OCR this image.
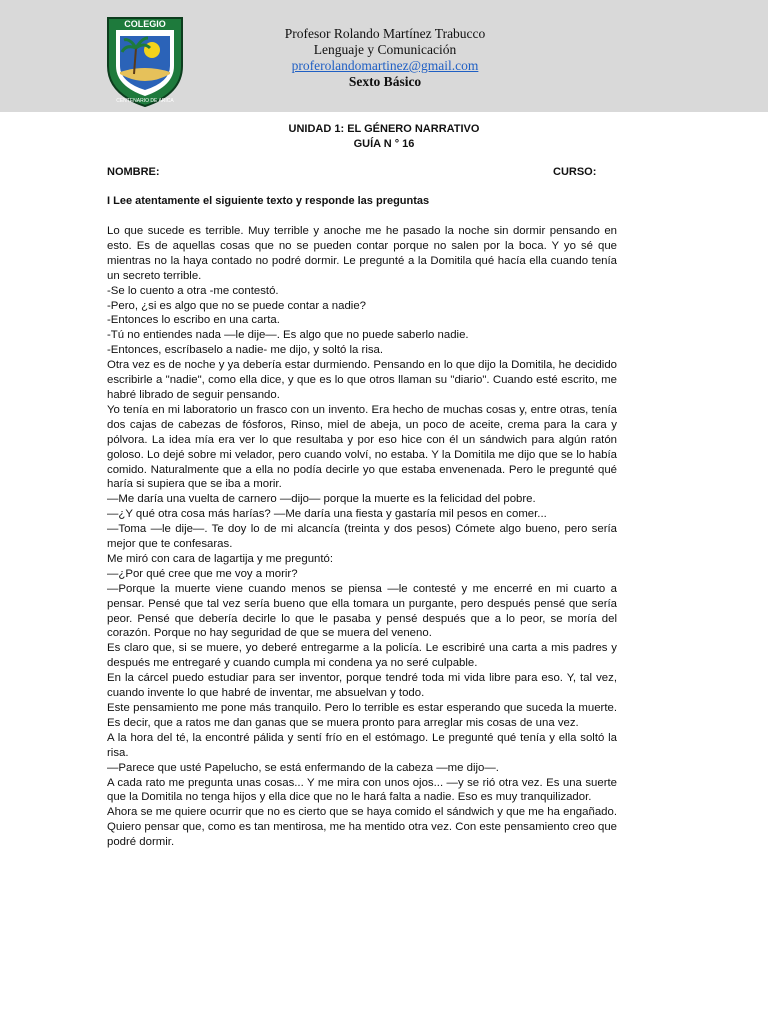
COLEGIO
CENTENARIO DE ARICA
Profesor Rolando Martínez Trabucco
Lenguaje y Comunicación
proferolandomartinez@gmail.com
Sexto Básico
UNIDAD 1: EL GÉNERO NARRATIVO
GUÍA N ° 16
NOMBRE:	CURSO:
I Lee atentamente el siguiente texto y responde las preguntas

Lo que sucede es terrible. Muy terrible y anoche me he pasado la noche sin dormir pensando en esto. Es de aquellas cosas que no se pueden contar porque no salen por la boca. Y yo sé que mientras no la haya contado no podré dormir. Le pregunté a la Domitila qué hacía ella cuando tenía un secreto terrible.

-Se lo cuento a otra -me contestó.

-Pero, ¿si es algo que no se puede contar a nadie?

-Entonces lo escribo en una carta.

-Tú no entiendes nada —le dije—. Es algo que no puede saberlo nadie.

-Entonces, escríbaselo a nadie- me dijo, y soltó la risa.

Otra vez es de noche y ya debería estar durmiendo. Pensando en lo que dijo la Domitila, he decidido escribirle a "nadie", como ella dice, y que es lo que otros llaman su "diario". Cuando esté escrito, me habré librado de seguir pensando.

Yo tenía en mi laboratorio un frasco con un invento. Era hecho de muchas cosas y, entre otras, tenía dos cajas de cabezas de fósforos, Rinso, miel de abeja, un poco de aceite, crema para la cara y pólvora. La idea mía era ver lo que resultaba y por eso hice con él un sándwich para algún ratón goloso. Lo dejé sobre mi velador, pero cuando volví, no estaba. Y la Domitila me dijo que se lo había comido. Naturalmente que a ella no podía decirle yo que estaba envenenada. Pero le pregunté qué haría si supiera que se iba a morir.

—Me daría una vuelta de carnero —dijo— porque la muerte es la felicidad del pobre.

—¿Y qué otra cosa más harías? —Me daría una fiesta y gastaría mil pesos en comer...

—Toma —le dije—. Te doy lo de mi alcancía (treinta y dos pesos) Cómete algo bueno, pero sería mejor que te confesaras.

Me miró con cara de lagartija y me preguntó:

—¿Por qué cree que me voy a morir?

—Porque la muerte viene cuando menos se piensa —le contesté y me encerré en mi cuarto a pensar. Pensé que tal vez sería bueno que ella tomara un purgante, pero después pensé que sería peor. Pensé que debería decirle lo que le pasaba y pensé después que a lo peor, se moría del corazón. Porque no hay seguridad de que se muera del veneno.

Es claro que, si se muere, yo deberé entregarme a la policía. Le escribiré una carta a mis padres y después me entregaré y cuando cumpla mi condena ya no seré culpable.

En la cárcel puedo estudiar para ser inventor, porque tendré toda mi vida libre para eso. Y, tal vez, cuando invente lo que habré de inventar, me absuelvan y todo.

Este pensamiento me pone más tranquilo. Pero lo terrible es estar esperando que suceda la muerte. Es decir, que a ratos me dan ganas que se muera pronto para arreglar mis cosas de una vez.

A la hora del té, la encontré pálida y sentí frío en el estómago. Le pregunté qué tenía y ella soltó la risa.

—Parece que usté Papelucho, se está enfermando de la cabeza —me dijo—.

A cada rato me pregunta unas cosas... Y me mira con unos ojos... —y se rió otra vez. Es una suerte que la Domitila no tenga hijos y ella dice que no le hará falta a nadie. Eso es muy tranquilizador.

Ahora se me quiere ocurrir que no es cierto que se haya comido el sándwich y que me ha engañado. Quiero pensar que, como es tan mentirosa, me ha mentido otra vez. Con este pensamiento creo que podré dormir.
